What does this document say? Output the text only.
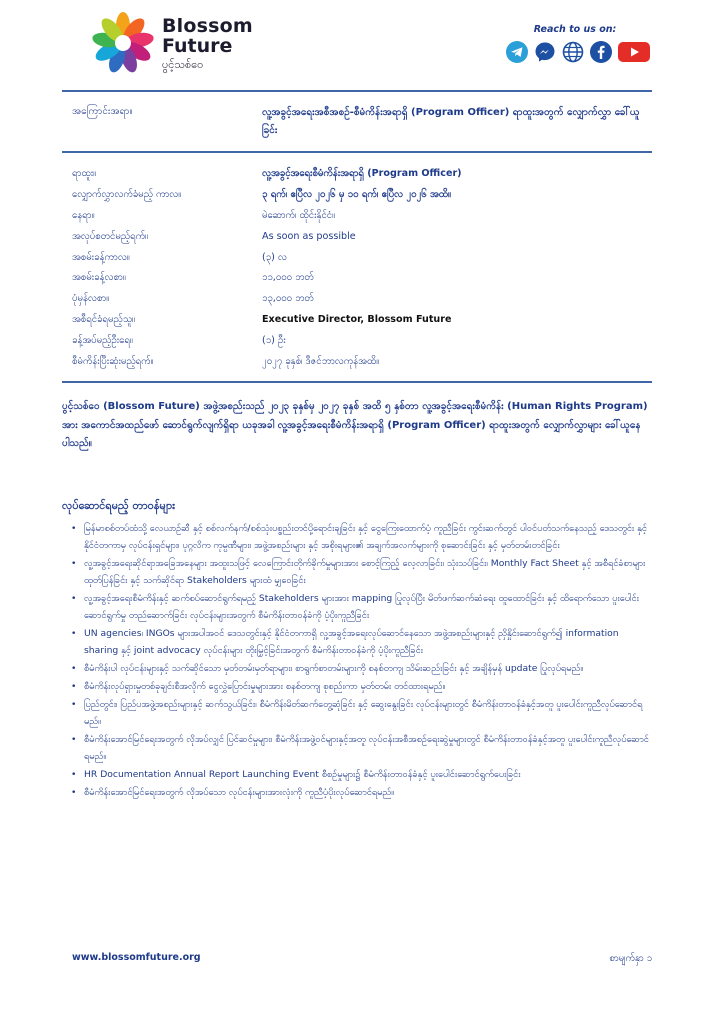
Blossom
Future
ပွင့်သစ်ဝေ
Reach to us on:
အကြောင်းအရာ။	လူ့အခွင့်အရေးအစီအစဉ်-စီမံကိန်းအရာရှိ (Program Officer) ရာထူးအတွက် လျှောက်လွှာ ခေါ်ယူခြင်း
ရာထူး။	လူ့အခွင့်အရေးစီမံကိန်းအရာရှိ (Program Officer)
လျှောက်လွှာလက်ခံမည့် ကာလ။	၃ ရက်၊ ဧပြီလ ၂၀၂၆ မှ ၁၀ ရက်၊ ဧပြီလ ၂၀၂၆ အထိ။
နေရာ။	မဲဆောက်၊ ထိုင်းနိုင်ငံ။
အလုပ်စတင်မည့်ရက်။	As soon as possible
အစမ်းခန့်ကာလ။	(၃) လ
အစမ်းခန့်လစာ။	၁၁,၀၀၀ ဘတ်
ပုံမှန်လစာ။	၁၃,၀၀၀ ဘတ်
အစီရင်ခံရမည့်သူ။	Executive Director, Blossom Future
ခန့်အပ်မည့်ဦးရေ။	(၁) ဦး
စီမံကိန်းပြီးဆုံးမည့်ရက်။	၂၀၂၇ ခုနှစ်၊ ဒီဇင်ဘာလကုန်အထိ။
ပွင့်သစ်ဝေ (Blossom Future) အဖွဲ့အစည်းသည် ၂၀၂၃ ခုနှစ်မှ ၂၀၂၇ ခုနှစ် အထိ ၅ နှစ်တာ လူ့အခွင့်အရေးစီမံကိန်း (Human Rights Program) အား အကောင်အထည်ဖော် ဆောင်ရွက်လျက်ရှိရာ ယခုအခါ လူ့အခွင့်အရေးစီမံကိန်းအရာရှိ (Program Officer) ရာထူးအတွက် လျှောက်လွှာများ ခေါ်ယူနေပါသည်။
လုပ်ဆောင်ရမည့် တာဝန်များ
• မြန်မာစစ်တပ်ထံသို့ လေယာဉ်ဆီ နှင့် စစ်လက်နက်/စစ်သုံးပစ္စည်းတင်ပို့ရောင်းချခြင်း နှင့် ငွေကြေးထောက်ပံ့ ကူညီခြင်း ကွင်းဆက်တွင် ပါဝင်ပတ်သက်နေသည့် ဒေသတွင်း နှင့် နိုင်ငံတကာမှ လုပ်ငန်းရှင်များ၊ ပုဂ္ဂလိက ကုမ္ပဏီများ၊ အဖွဲ့အစည်းများ နှင့် အစိုးရများ၏ အချက်အလက်များကို စုဆောင်းခြင်း နှင့် မှတ်တမ်းတင်ခြင်း
• လူ့အခွင့်အရေးဆိုင်ရာအခြေအနေများ အထူးသဖြင့် လေကြောင်းတိုက်ခိုက်မှုများအား စောင့်ကြည့် လေ့လာခြင်း၊ သုံးသပ်ခြင်း၊ Monthly Fact Sheet နှင့် အစီရင်ခံစာများထုတ်ပြန်ခြင်း နှင့် သက်ဆိုင်ရာ Stakeholders များထံ မျှဝေခြင်း
• လူ့အခွင့်အရေးစီမံကိန်းနှင့် ဆက်စပ်ဆောင်ရွက်ရမည့် Stakeholders များအား mapping ပြုလုပ်ပြီး မိတ်ဖက်ဆက်ဆံရေး ထူထောင်ခြင်း နှင့် ထိရောက်သော ပူးပေါင်းဆောင်ရွက်မှု တည်ဆောက်ခြင်း လုပ်ငန်းများအတွက် စီမံကိန်းတာဝန်ခံကို ပံ့ပိုးကူညီခြင်း
• UN agencies၊ INGOs များအပါအဝင် ဒေသတွင်းနှင့် နိုင်ငံတကာရှိ လူ့အခွင့်အရေးလုပ်ဆောင်နေသော အဖွဲ့အစည်းများနှင့် ညှိနှိုင်းဆောင်ရွက်၍ information sharing နှင့် joint advocacy လုပ်ငန်းများ တိုးမြှင့်ခြင်းအတွက် စီမံကိန်းတာဝန်ခံကို ပံ့ပိုးကူညီခြင်း
• စီမံကိန်းပါ လုပ်ငန်းများနှင့် သက်ဆိုင်သော မှတ်တမ်းမှတ်ရာများ၊ စာရွက်စာတမ်းများကို စနစ်တကျ သိမ်းဆည်းခြင်း နှင့် အချိန်မှန် update ပြုလုပ်ရမည်။
• စီမံကိန်းလုပ်ရှားမှုတစ်ခုချင်းစီအလိုက် ငွေလွှဲပြောင်းမှုများအား စနစ်တကျ စုစည်းကာ မှတ်တမ်း တင်ထားရမည်။
• ပြည်တွင်း၊ ပြည်ပအဖွဲ့အစည်းများနှင့် ဆက်သွယ်ခြင်း၊ စီမံကိန်းမိတ်ဆက်တွေ့ဆုံခြင်း နှင့် ဆွေးနွေးခြင်း လုပ်ငန်းများတွင် စီမံကိန်းတာဝန်ခံနှင့်အတူ ပူးပေါင်းကူညီလုပ်ဆောင်ရမည်။
• စီမံကိန်းအောင်မြင်ရေးအတွက် လိုအပ်လျှင် ပြင်ဆင်မှုများ၊ စီမံကိန်းအဖွဲ့ဝင်များနှင့်အတူ လုပ်ငန်းအစီအစဉ်ရေးဆွဲမှုများတွင် စီမံကိန်းတာဝန်ခံနှင့်အတူ ပူးပေါင်းကူညီလုပ်ဆောင်ရမည်။
• HR Documentation Annual Report Launching Event စီစဉ်မှုများ၌ စီမံကိန်းတာဝန်ခံနှင့် ပူးပေါင်းဆောင်ရွက်ပေးခြင်း
• စီမံကိန်းအောင်မြင်ရေးအတွက် လိုအပ်သော လုပ်ငန်းများအားလုံးကို ကူညီပံ့ပိုးလုပ်ဆောင်ရမည်။
www.blossomfuture.org	စာမျက်နှာ ၁
